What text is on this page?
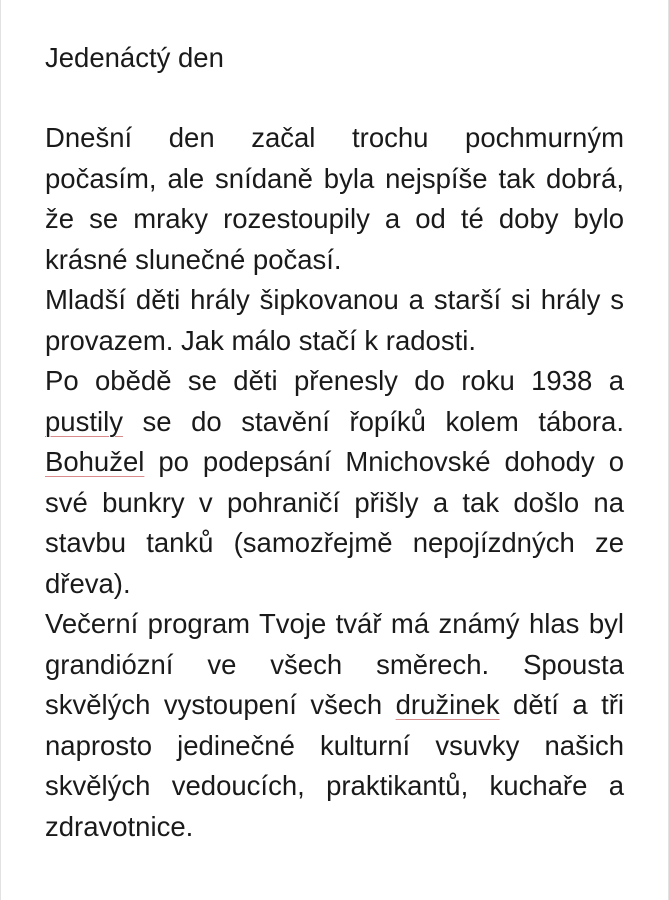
Jedenáctý den

Dnešní den začal trochu pochmurným počasím, ale snídaně byla nejspíše tak dobrá, že se mraky rozestoupily a od té doby bylo krásné slunečné počasí.

Mladší děti hrály šipkovanou a starší si hrály s provazem. Jak málo stačí k radosti.

Po obědě se děti přenesly do roku 1938 a pustily se do stavění řopíků kolem tábora. Bohužel po podepsání Mnichovské dohody o své bunkry v pohraničí přišly a tak došlo na stavbu tanků (samozřejmě nepojízdných ze dřeva).

Večerní program Tvoje tvář má známý hlas byl grandiózní ve všech směrech. Spousta skvělých vystoupení všech družinek dětí a tři naprosto jedinečné kulturní vsuvky našich skvělých vedoucích, praktikantů, kuchaře a zdravotnice.
